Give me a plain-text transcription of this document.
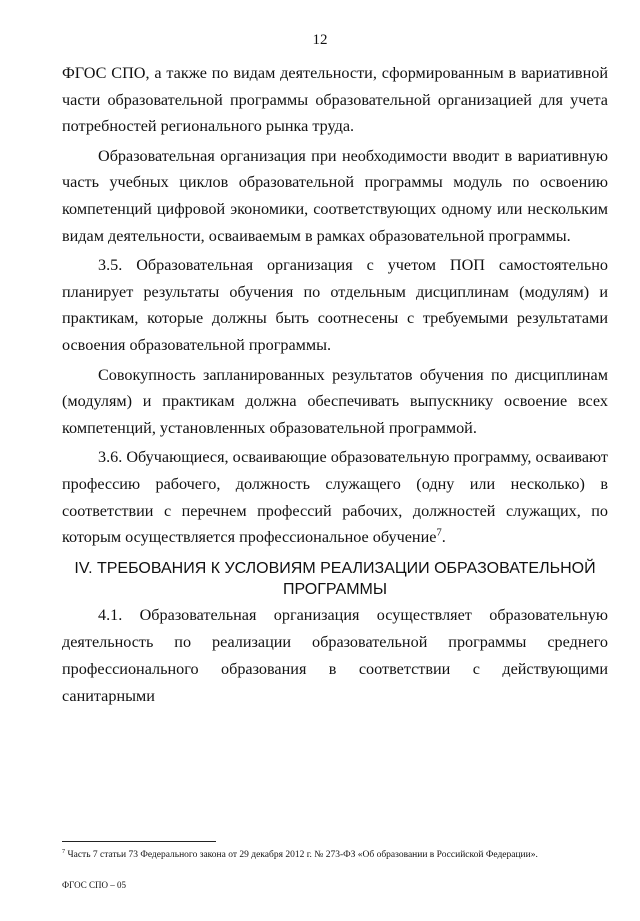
12

ФГОС СПО, а также по видам деятельности, сформированным в вариативной части образовательной программы образовательной организацией для учета потребностей регионального рынка труда.

Образовательная организация при необходимости вводит в вариативную часть учебных циклов образовательной программы модуль по освоению компетенций цифровой экономики, соответствующих одному или нескольким видам деятельности, осваиваемым в рамках образовательной программы.

3.5. Образовательная организация с учетом ПОП самостоятельно планирует результаты обучения по отдельным дисциплинам (модулям) и практикам, которые должны быть соотнесены с требуемыми результатами освоения образовательной программы.

Совокупность запланированных результатов обучения по дисциплинам (модулям) и практикам должна обеспечивать выпускнику освоение всех компетенций, установленных образовательной программой.

3.6. Обучающиеся, осваивающие образовательную программу, осваивают профессию рабочего, должность служащего (одну или несколько) в соответствии с перечнем профессий рабочих, должностей служащих, по которым осуществляется профессиональное обучение$^7$.

IV. ТРЕБОВАНИЯ К УСЛОВИЯМ РЕАЛИЗАЦИИ ОБРАЗОВАТЕЛЬНОЙ ПРОГРАММЫ

4.1. Образовательная организация осуществляет образовательную деятельность по реализации образовательной программы среднего профессионального образования в соответствии с действующими санитарными

$^7$ Часть 7 статьи 73 Федерального закона от 29 декабря 2012 г. № 273-ФЗ «Об образовании в Российской Федерации».
ФГОС СПО – 05
